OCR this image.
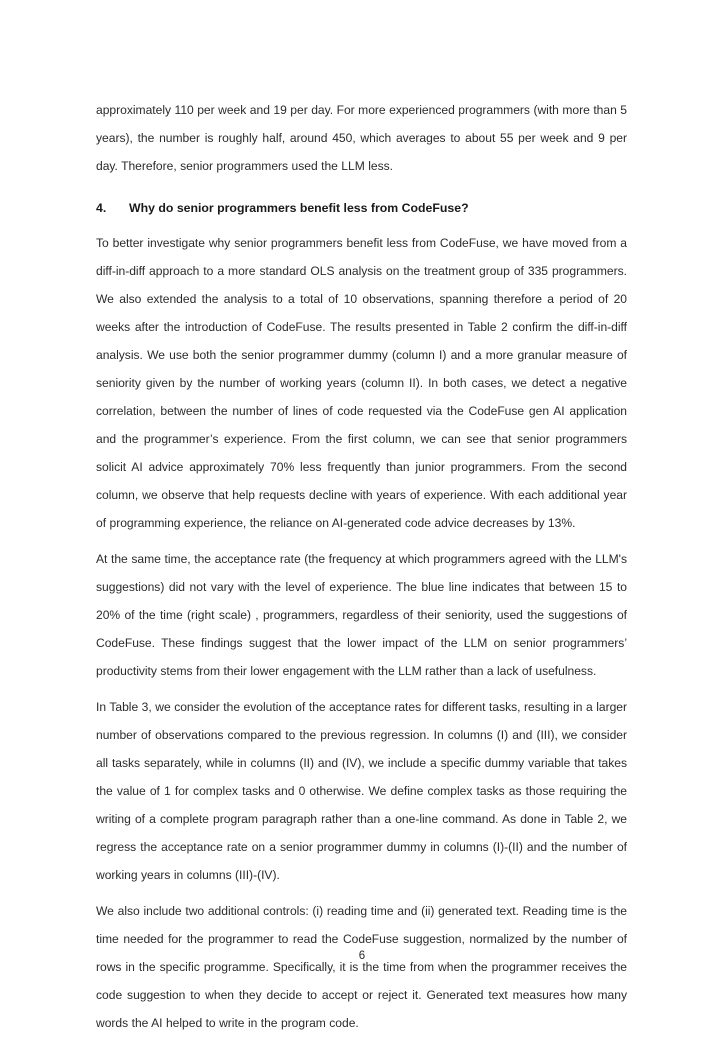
approximately 110 per week and 19 per day. For more experienced programmers (with more than 5 years), the number is roughly half, around 450, which averages to about 55 per week and 9 per day. Therefore, senior programmers used the LLM less.

4. Why do senior programmers benefit less from CodeFuse?

To better investigate why senior programmers benefit less from CodeFuse, we have moved from a diff-in-diff approach to a more standard OLS analysis on the treatment group of 335 programmers. We also extended the analysis to a total of 10 observations, spanning therefore a period of 20 weeks after the introduction of CodeFuse. The results presented in Table 2 confirm the diff-in-diff analysis. We use both the senior programmer dummy (column I) and a more granular measure of seniority given by the number of working years (column II). In both cases, we detect a negative correlation, between the number of lines of code requested via the CodeFuse gen AI application and the programmer’s experience. From the first column, we can see that senior programmers solicit AI advice approximately 70% less frequently than junior programmers. From the second column, we observe that help requests decline with years of experience. With each additional year of programming experience, the reliance on AI-generated code advice decreases by 13%.

At the same time, the acceptance rate (the frequency at which programmers agreed with the LLM's suggestions) did not vary with the level of experience. The blue line indicates that between 15 to 20% of the time (right scale) , programmers, regardless of their seniority, used the suggestions of CodeFuse. These findings suggest that the lower impact of the LLM on senior programmers’ productivity stems from their lower engagement with the LLM rather than a lack of usefulness.

In Table 3, we consider the evolution of the acceptance rates for different tasks, resulting in a larger number of observations compared to the previous regression. In columns (I) and (III), we consider all tasks separately, while in columns (II) and (IV), we include a specific dummy variable that takes the value of 1 for complex tasks and 0 otherwise. We define complex tasks as those requiring the writing of a complete program paragraph rather than a one-line command. As done in Table 2, we regress the acceptance rate on a senior programmer dummy in columns (I)-(II) and the number of working years in columns (III)-(IV).

We also include two additional controls: (i) reading time and (ii) generated text. Reading time is the time needed for the programmer to read the CodeFuse suggestion, normalized by the number of rows in the specific programme. Specifically, it is the time from when the programmer receives the code suggestion to when they decide to accept or reject it. Generated text measures how many words the AI helped to write in the program code.

6
